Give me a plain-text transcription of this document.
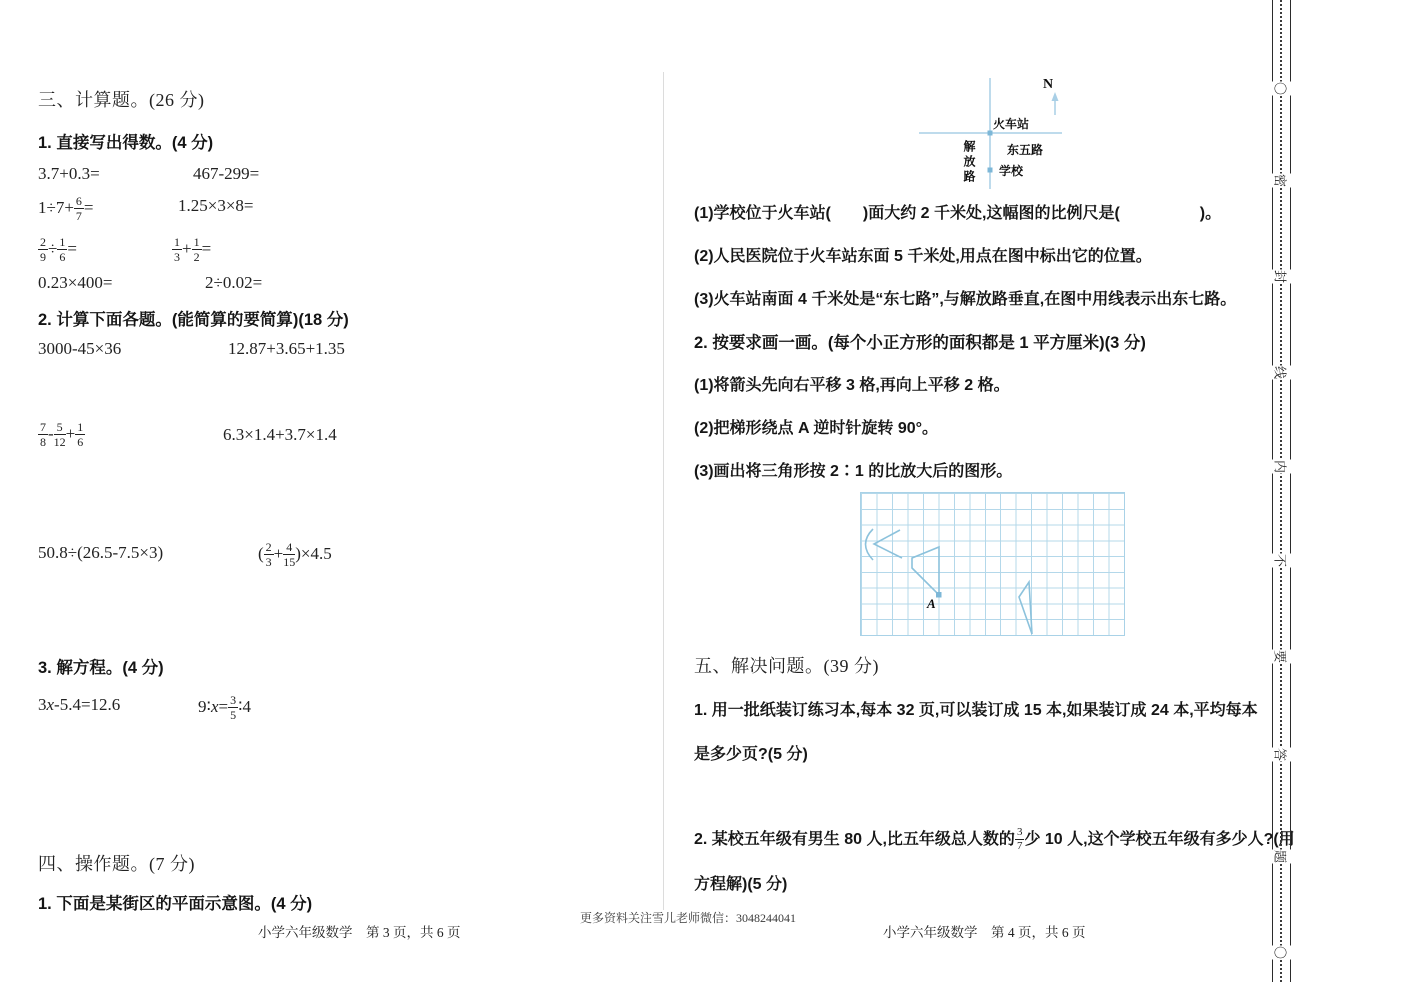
三、计算题。(26 分)
1. 直接写出得数。(4 分)
3.7+0.3=	467-299=
$1\div 7+ \frac{6}{7}$ =	1.25×3×8=
$\frac{2}{9} \div \frac{1}{6}$ =	$\frac{1}{3} + \frac{1}{2}$ =
0.23×400=	2÷0.02=
2. 计算下面各题。(能简算的要简算)(18 分)
3000-45×36	12.87+3.65+1.35
$\frac{7}{8} - \frac{5}{12} + \frac{1}{6}$	6.3×1.4+3.7×1.4
50.8÷(26.5-7.5×3)	( $\frac{2}{3} + \frac{4}{15} )\times 4.5$
3. 解方程。(4 分)
3x-5.4=12.6	9∶x= $\frac{3}{5}$ ∶4
四、操作题。(7 分)
1. 下面是某街区的平面示意图。(4 分)
小学六年级数学　第 3 页，共 6 页
N
火车站
东五路
解放路 学校
(1)学校位于火车站(　　)面大约 2 千米处,这幅图的比例尺是(　　　　　)。
(2)人民医院位于火车站东面 5 千米处,用点在图中标出它的位置。
(3)火车站南面 4 千米处是“东七路”,与解放路垂直,在图中用线表示出东七路。
2. 按要求画一画。(每个小正方形的面积都是 1 平方厘米)(3 分)
(1)将箭头先向右平移 3 格,再向上平移 2 格。
(2)把梯形绕点 A 逆时针旋转 90°。
(3)画出将三角形按 2∶1 的比放大后的图形。
A
五、解决问题。(39 分)
1. 用一批纸装订练习本,每本 32 页,可以装订成 15 本,如果装订成 24 本,平均每本
是多少页?(5 分)
2. 某校五年级有男生 80 人,比五年级总人数的 $\frac{3}{7}$ 少 10 人,这个学校五年级有多少人?(用
方程解)(5 分)
小学六年级数学　第 4 页，共 6 页
更多资料关注雪儿老师微信：3048244041
〇
密
封
线
内
不
要
答
题
〇
